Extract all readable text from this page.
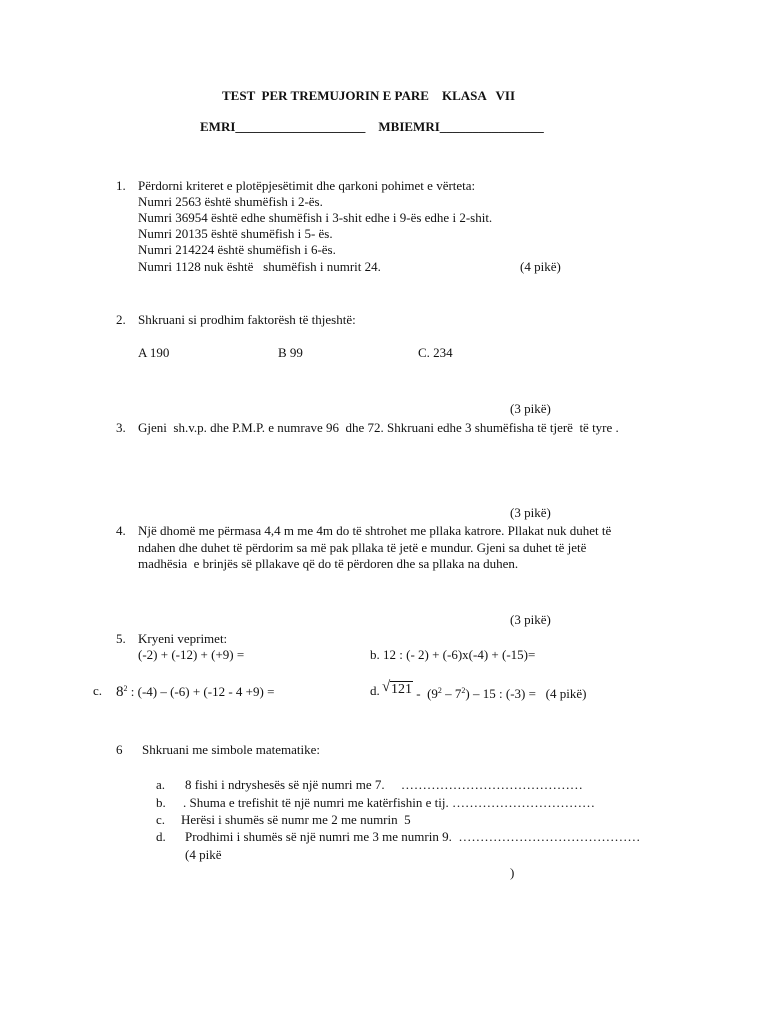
TEST  PER TREMUJORIN E PARE    KLASA   VII
EMRI____________________    MBIEMRI________________
1. Përdorni kriteret e plotëpjesëtimit dhe qarkoni pohimet e vërteta:
Numri 2563 është shumëfish i 2-ës.
Numri 36954 është edhe shumëfish i 3-shit edhe i 9-ës edhe i 2-shit.
Numri 20135 është shumëfish i 5- ës.
Numri 214224 është shumëfish i 6-ës.
Numri 1128 nuk është   shumëfish i numrit 24.	(4 pikë)
2. Shkruani si prodhim faktorësh të thjeshtë:
A 190	B 99	C. 234
(3 pikë)
3. Gjeni  sh.v.p. dhe P.M.P. e numrave 96  dhe 72. Shkruani edhe 3 shumëfisha të tjerë  të tyre .
(3 pikë)
4. Një dhomë me përmasa 4,4 m me 4m do të shtrohet me pllaka katrore. Pllakat nuk duhet të
ndahen dhe duhet të përdorim sa më pak pllaka të jetë e mundur. Gjeni sa duhet të jetë
madhësia  e brinjës së pllakave që do të përdoren dhe sa pllaka na duhen.
(3 pikë)
5. Kryeni veprimet:
(-2) + (-12) + (+9) =	b. 12 : (- 2) + (-6)x(-4) + (-15)=
c. $8^2$ : (-4) – (-6) + (-12 - 4 +9) =	d. √ $121 - (9^2 - 7^2) - 15$ : (-3) =   (4 pikë)
6 Shkruani me simbole matematike:
a. 8 fishi i ndryshesës së një numri me 7.     ……………………………………
b. . Shuma e trefishit të një numri me katërfishin e tij. ……………………………
c. Herësi i shumës së numr me 2 me numrin  5
d. Prodhimi i shumës së një numri me 3 me numrin 9.  ……………………………………
(4 pikë
)
